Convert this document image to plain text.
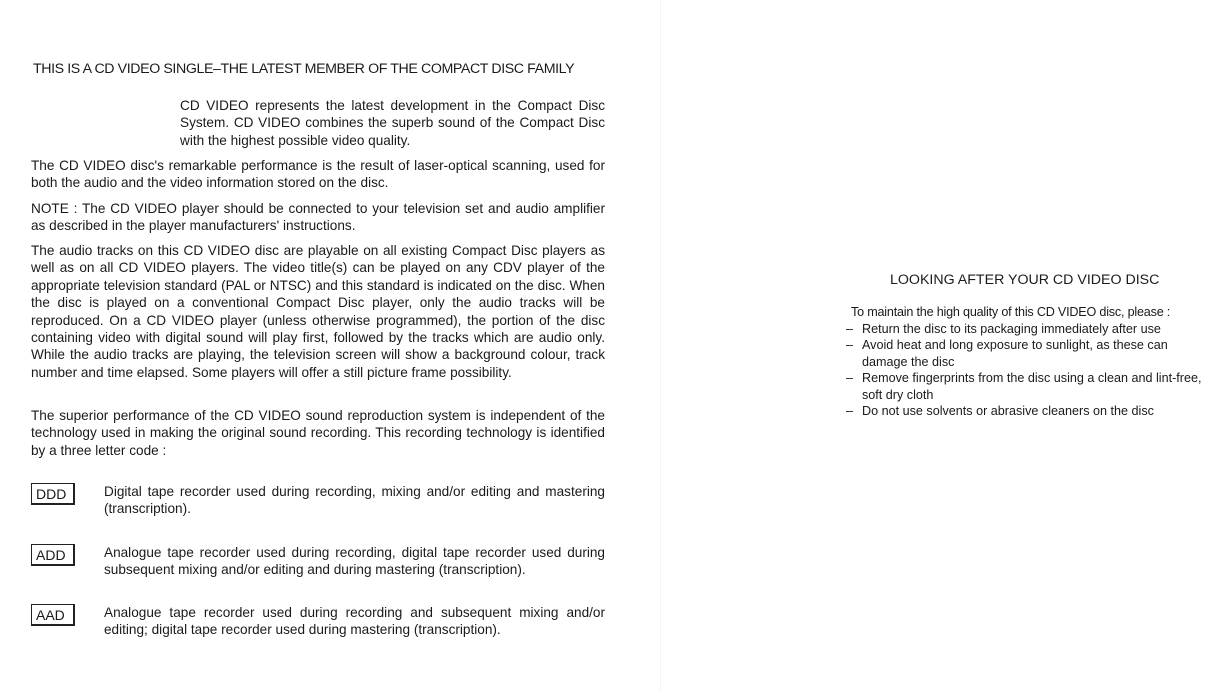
THIS IS A CD VIDEO SINGLE–THE LATEST MEMBER OF THE COMPACT DISC FAMILY

CD VIDEO represents the latest development in the Compact Disc System. CD VIDEO combines the superb sound of the Compact Disc with the highest possible video quality.

The CD VIDEO disc's remarkable performance is the result of laser-optical scanning, used for both the audio and the video information stored on the disc.

NOTE : The CD VIDEO player should be connected to your television set and audio amplifier as described in the player manufacturers' instructions.

The audio tracks on this CD VIDEO disc are playable on all existing Compact Disc players as well as on all CD VIDEO players. The video title(s) can be played on any CDV player of the appropriate television standard (PAL or NTSC) and this standard is indicated on the disc. When the disc is played on a conventional Compact Disc player, only the audio tracks will be reproduced. On a CD VIDEO player (unless otherwise programmed), the portion of the disc containing video with digital sound will play first, followed by the tracks which are audio only. While the audio tracks are playing, the television screen will show a background colour, track number and time elapsed. Some players will offer a still picture frame possibility.

The superior performance of the CD VIDEO sound reproduction system is independent of the technology used in making the original sound recording. This recording technology is identified by a three letter code :

DDD	Digital tape recorder used during recording, mixing and/or editing and mastering (transcription).

ADD	Analogue tape recorder used during recording, digital tape recorder used during subsequent mixing and/or editing and during mastering (transcription).

AAD	Analogue tape recorder used during recording and subsequent mixing and/or editing; digital tape recorder used during mastering (transcription).

LOOKING AFTER YOUR CD VIDEO DISC
To maintain the high quality of this CD VIDEO disc, please :
– Return the disc to its packaging immediately after use
– Avoid heat and long exposure to sunlight, as these can damage the disc
– Remove fingerprints from the disc using a clean and lint-free, soft dry cloth
– Do not use solvents or abrasive cleaners on the disc
